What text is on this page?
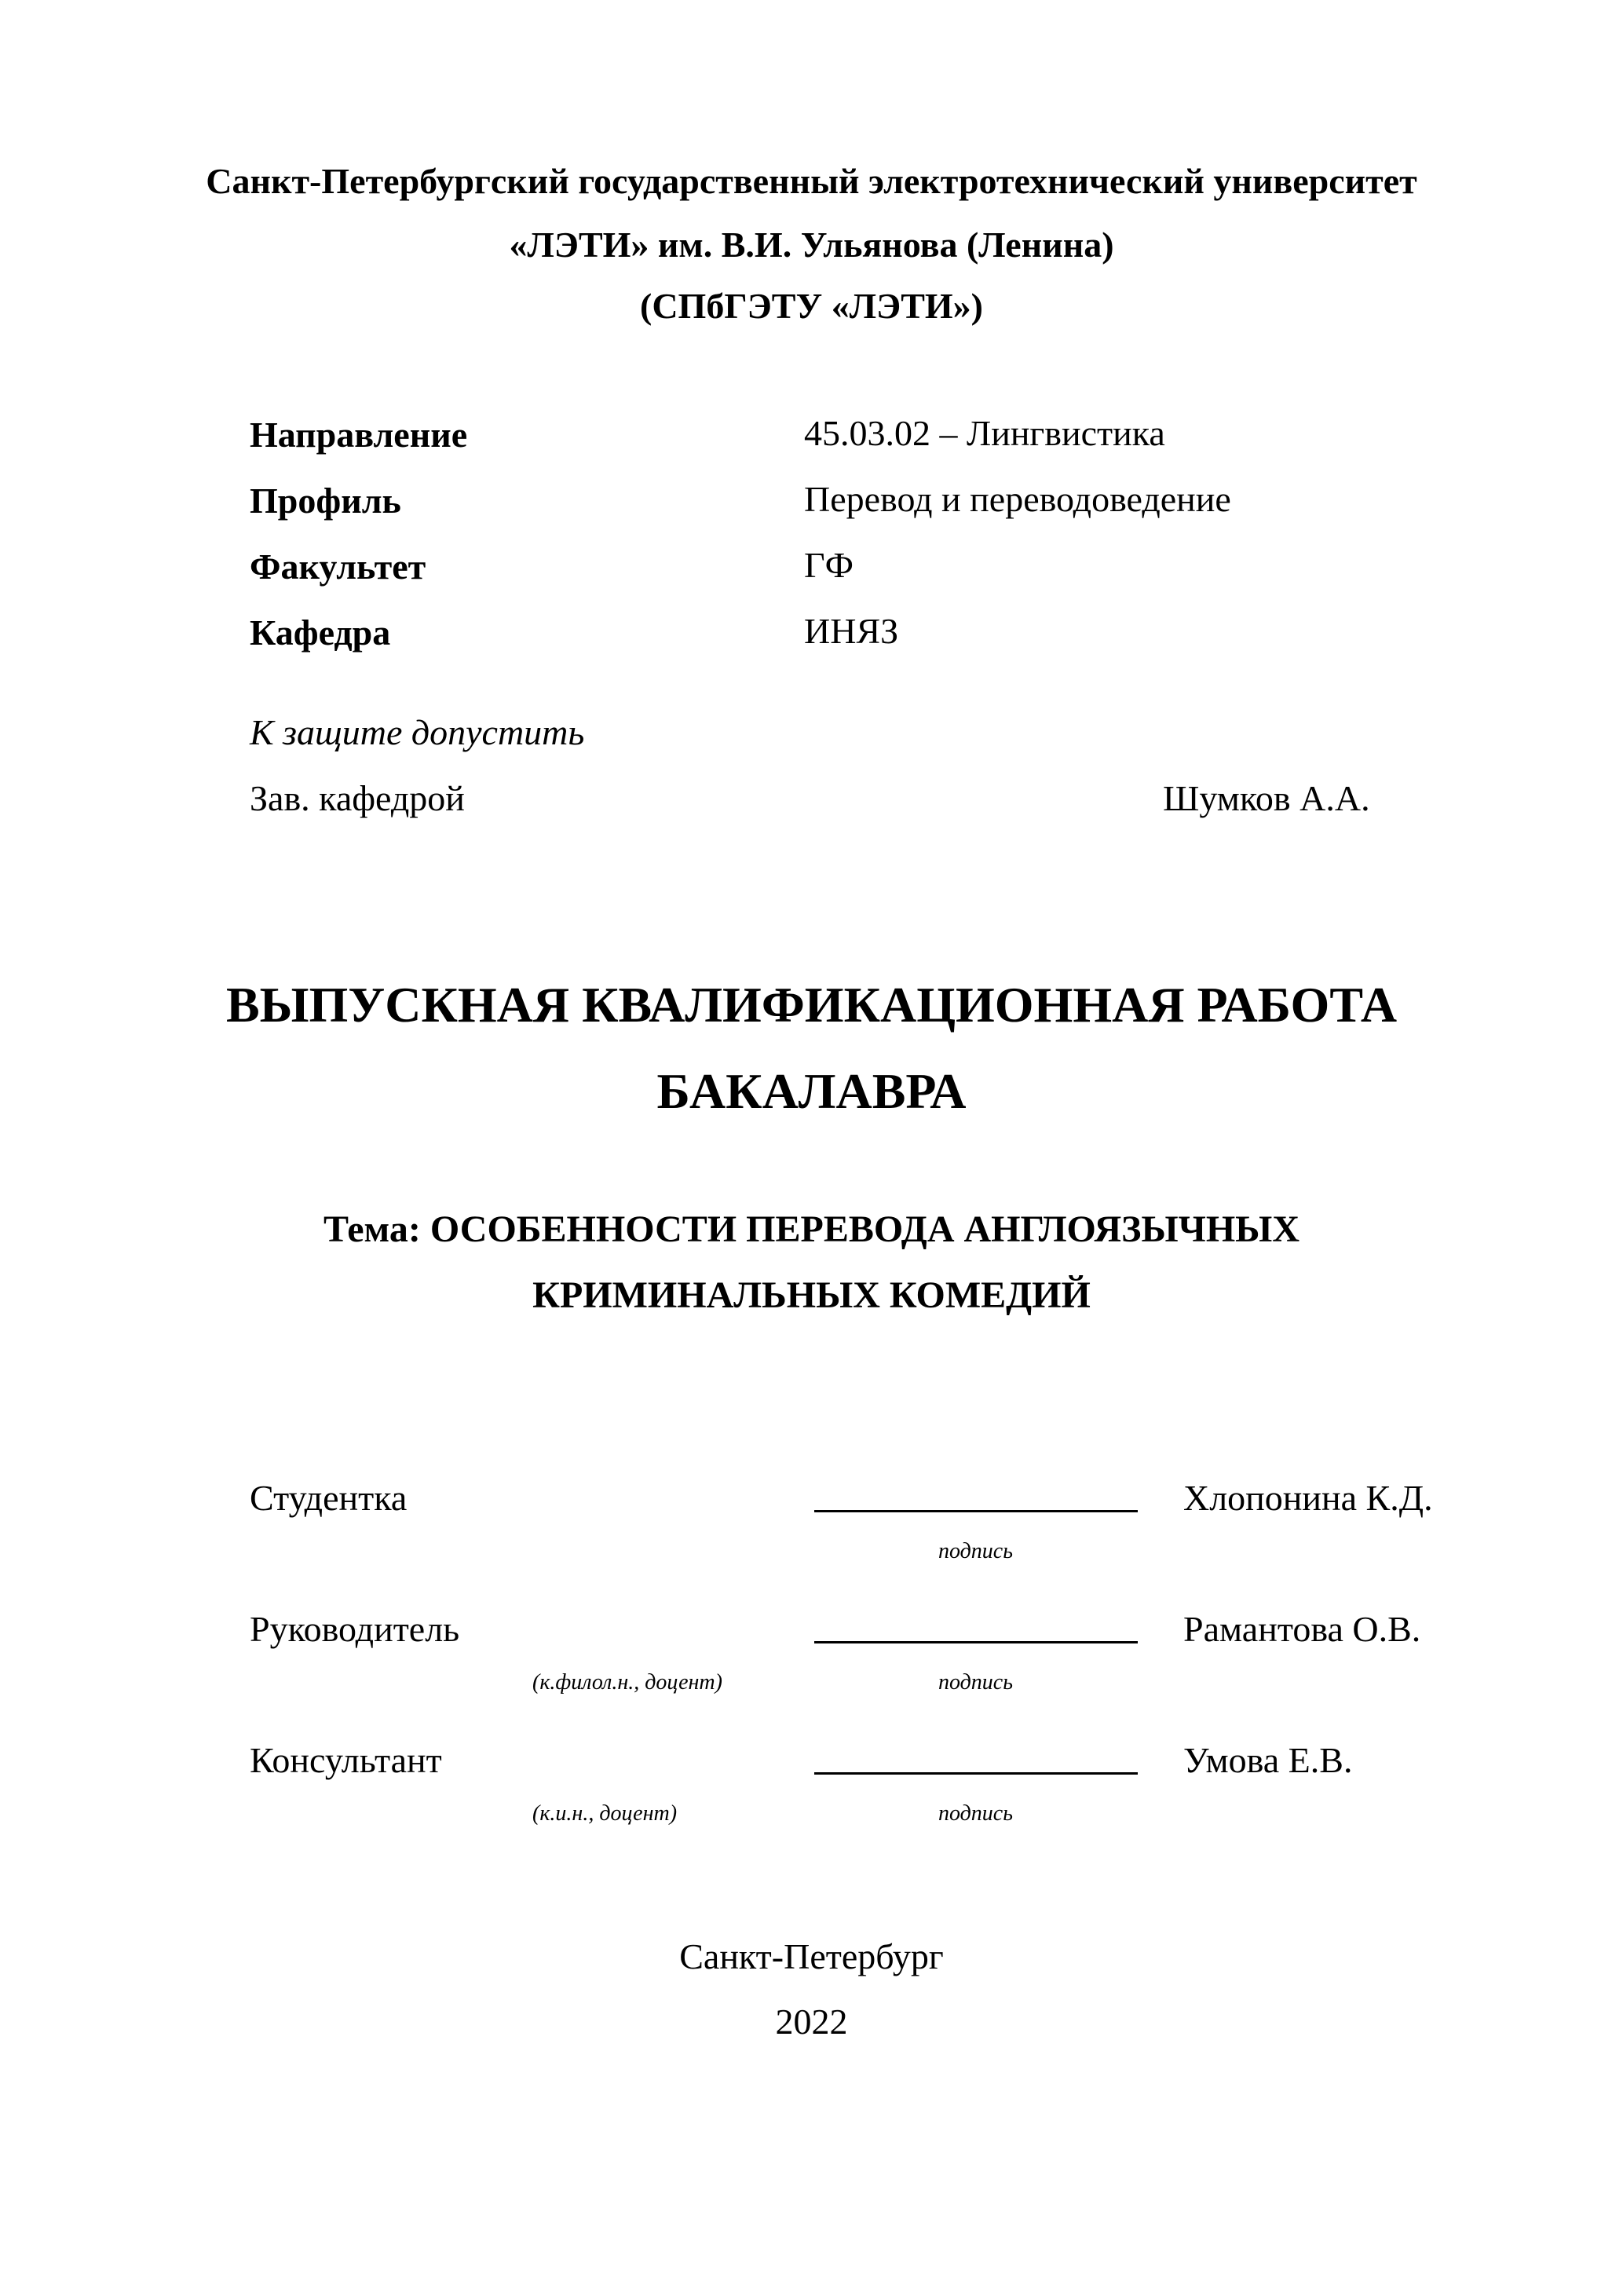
Санкт-Петербургский государственный электротехнический университет
«ЛЭТИ» им. В.И. Ульянова (Ленина)
(СПбГЭТУ «ЛЭТИ»)
Направление	45.03.02 – Лингвистика
Профиль	Перевод и переводоведение
Факультет	ГФ
Кафедра	ИНЯЗ
К защите допустить
Зав. кафедрой	Шумков А.А.
ВЫПУСКНАЯ КВАЛИФИКАЦИОННАЯ РАБОТА
БАКАЛАВРА
Тема: ОСОБЕННОСТИ ПЕРЕВОДА АНГЛОЯЗЫЧНЫХ
КРИМИНАЛЬНЫХ КОМЕДИЙ
Студентка	Хлопонина К.Д.
подпись
Руководитель	Рамантова О.В.
(к.филол.н., доцент)	подпись
Консультант	Умова Е.В.
(к.и.н., доцент)	подпись
Санкт-Петербург
2022
